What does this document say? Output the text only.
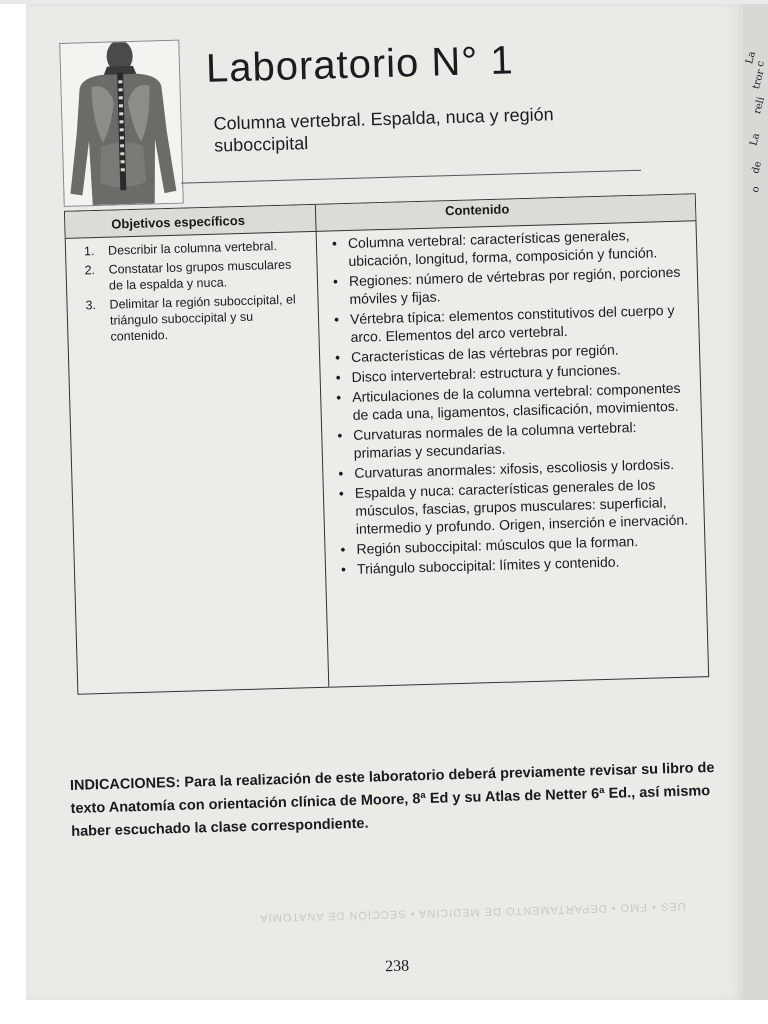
Laboratorio N° 1

Columna vertebral. Espalda, nuca y región suboccipital

Objetivos específicos

Contenido

1. Describir la columna vertebral.
2. Constatar los grupos musculares de la espalda y nuca.
3. Delimitar la región suboccipital, el triángulo suboccipital y su contenido.
• Columna vertebral: características generales, ubicación, longitud, forma, composición y función.
• Regiones: número de vértebras por región, porciones móviles y fijas.
• Vértebra típica: elementos constitutivos del cuerpo y arco. Elementos del arco vertebral.
• Características de las vértebras por región.
• Disco intervertebral: estructura y funciones.
• Articulaciones de la columna vertebral: componentes de cada una, ligamentos, clasificación, movimientos.
• Curvaturas normales de la columna vertebral: primarias y secundarias.
• Curvaturas anormales: xifosis, escoliosis y lordosis.
• Espalda y nuca: características generales de los músculos, fascias, grupos musculares: superficial, intermedio y profundo. Origen, inserción e inervación.
• Región suboccipital: músculos que la forman.
• Triángulo suboccipital: límites y contenido.

INDICACIONES: Para la realización de este laboratorio deberá previamente revisar su libro de texto Anatomía con orientación clínica de Moore, 8ª Ed y su Atlas de Netter 6ª Ed., así mismo haber escuchado la clase correspondiente.

UES • FMO • DEPARTAMENTO DE MEDICINA • SECCIÓN DE ANATOMÍA

238

La c
tror
reli
La
de
o
